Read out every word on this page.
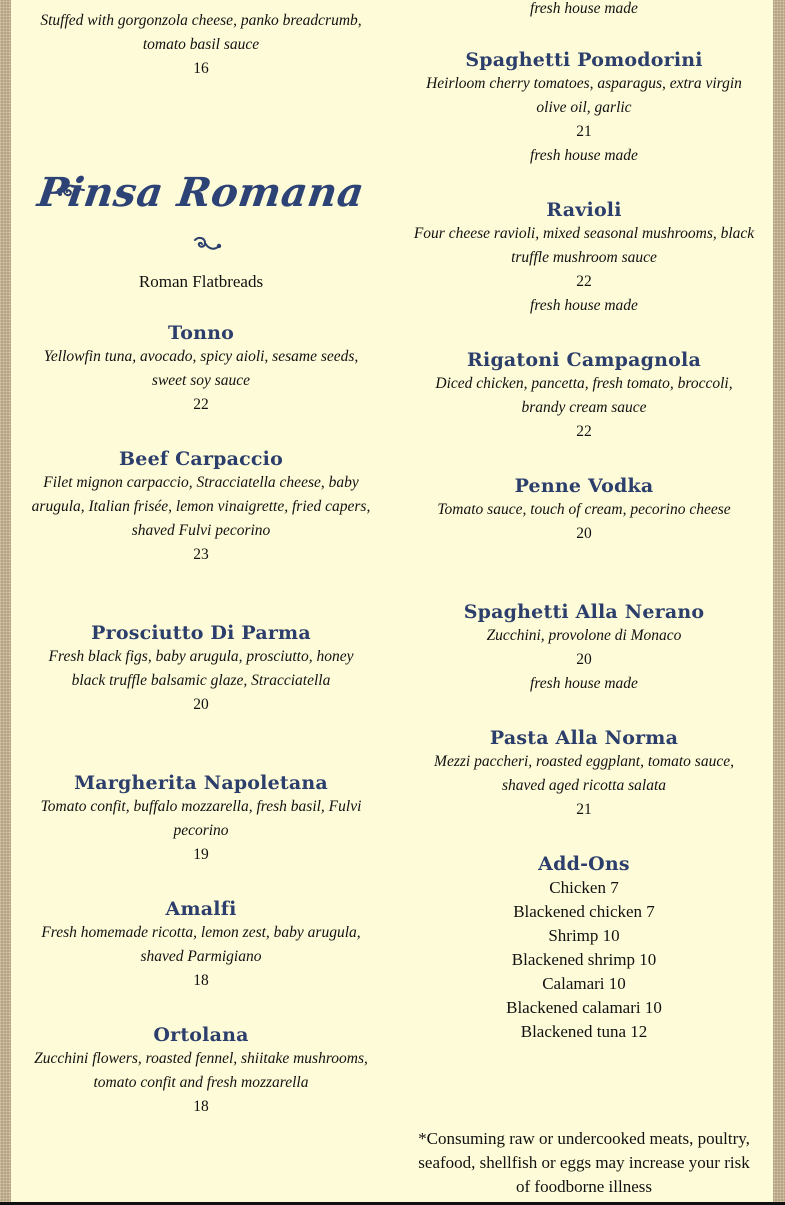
Stuffed with gorgonzola cheese, panko breadcrumb, tomato basil sauce
16
Pinsa Romana
Roman Flatbreads
Tonno
Yellowfin tuna, avocado, spicy aioli, sesame seeds, sweet soy sauce
22
Beef Carpaccio
Filet mignon carpaccio, Stracciatella cheese, baby arugula, Italian frisée, lemon vinaigrette, fried capers, shaved Fulvi pecorino
23
Prosciutto Di Parma
Fresh black figs, baby arugula, prosciutto, honey black truffle balsamic glaze, Stracciatella
20
Margherita Napoletana
Tomato confit, buffalo mozzarella, fresh basil, Fulvi pecorino
19
Amalfi
Fresh homemade ricotta, lemon zest, baby arugula, shaved Parmigiano
18
Ortolana
Zucchini flowers, roasted fennel, shiitake mushrooms, tomato confit and fresh mozzarella
18
fresh house made
Spaghetti Pomodorini
Heirloom cherry tomatoes, asparagus, extra virgin olive oil, garlic
21
fresh house made
Ravioli
Four cheese ravioli, mixed seasonal mushrooms, black truffle mushroom sauce
22
fresh house made
Rigatoni Campagnola
Diced chicken, pancetta, fresh tomato, broccoli, brandy cream sauce
22
Penne Vodka
Tomato sauce, touch of cream, pecorino cheese
20
Spaghetti Alla Nerano
Zucchini, provolone di Monaco
20
fresh house made
Pasta Alla Norma
Mezzi paccheri, roasted eggplant, tomato sauce, shaved aged ricotta salata
21
Add-Ons
Chicken 7
Blackened chicken 7
Shrimp 10
Blackened shrimp 10
Calamari 10
Blackened calamari 10
Blackened tuna 12
*Consuming raw or undercooked meats, poultry, seafood, shellfish or eggs may increase your risk of foodborne illness
